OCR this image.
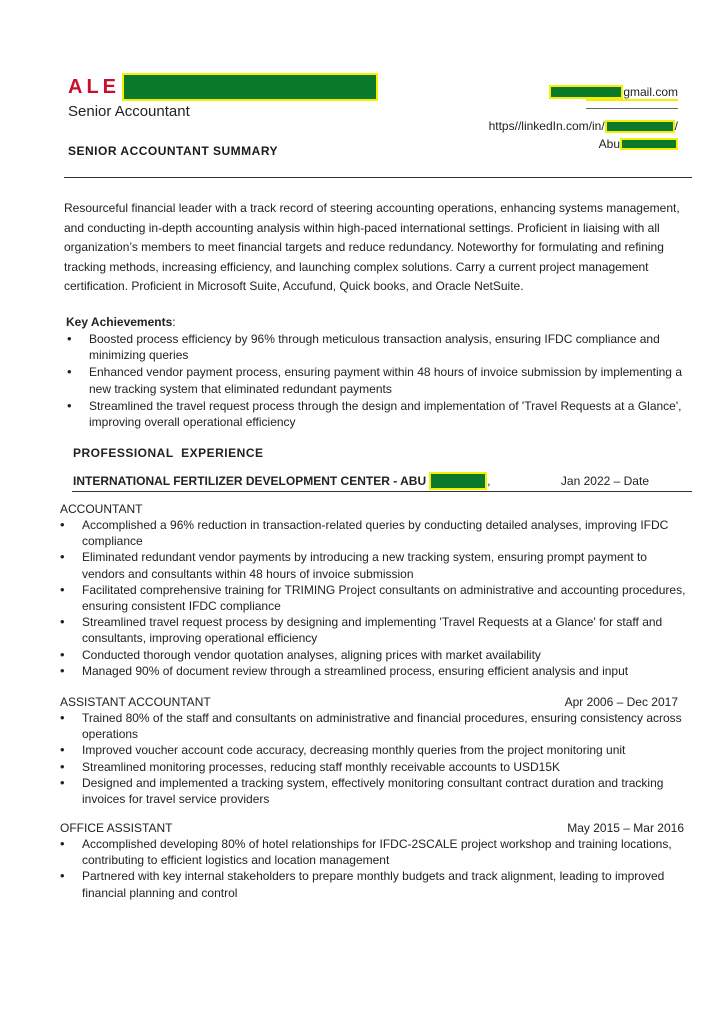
ALE
Senior Accountant
gmail.com
https//linkedIn.com/in/	/
Abu
SENIOR ACCOUNTANT SUMMARY
Resourceful financial leader with a track record of steering accounting operations, enhancing systems management, and conducting in-depth accounting analysis within high-paced international settings. Proficient in liaising with all organization’s members to meet financial targets and reduce redundancy. Noteworthy for formulating and refining tracking methods, increasing efficiency, and launching complex solutions. Carry a current project management certification. Proficient in Microsoft Suite, Accufund, Quick books, and Oracle NetSuite.
Key Achievements:
• Boosted process efficiency by 96% through meticulous transaction analysis, ensuring IFDC compliance and minimizing queries
• Enhanced vendor payment process, ensuring payment within 48 hours of invoice submission by implementing a new tracking system that eliminated redundant payments
• Streamlined the travel request process through the design and implementation of 'Travel Requests at a Glance', improving overall operational efficiency
PROFESSIONAL  EXPERIENCE
INTERNATIONAL FERTILIZER DEVELOPMENT CENTER - ABU	,	Jan 2022 – Date
ACCOUNTANT
• Accomplished a 96% reduction in transaction-related queries by conducting detailed analyses, improving IFDC compliance
• Eliminated redundant vendor payments by introducing a new tracking system, ensuring prompt payment to vendors and consultants within 48 hours of invoice submission
• Facilitated comprehensive training for TRIMING Project consultants on administrative and accounting procedures, ensuring consistent IFDC compliance
• Streamlined travel request process by designing and implementing 'Travel Requests at a Glance' for staff and consultants, improving operational efficiency
• Conducted thorough vendor quotation analyses, aligning prices with market availability
• Managed 90% of document review through a streamlined process, ensuring efficient analysis and input
ASSISTANT ACCOUNTANT	Apr 2006 – Dec 2017
• Trained 80% of the staff and consultants on administrative and financial procedures, ensuring consistency across operations
• Improved voucher account code accuracy, decreasing monthly queries from the project monitoring unit
• Streamlined monitoring processes, reducing staff monthly receivable accounts to USD15K
• Designed and implemented a tracking system, effectively monitoring consultant contract duration and tracking invoices for travel service providers
OFFICE ASSISTANT	May 2015 – Mar 2016
• Accomplished developing 80% of hotel relationships for IFDC-2SCALE project workshop and training locations, contributing to efficient logistics and location management
• Partnered with key internal stakeholders to prepare monthly budgets and track alignment, leading to improved financial planning and control
